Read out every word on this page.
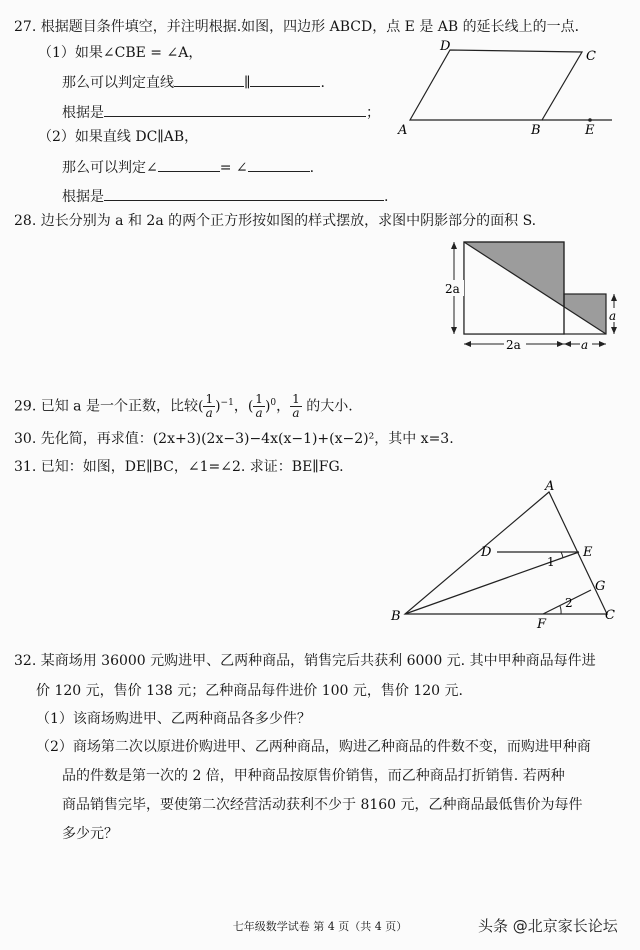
27. 根据题目条件填空，并注明根据.如图，四边形 ABCD，点 E 是 AB 的延长线上的一点．
（1）如果∠CBE = ∠A，
那么可以判定直线	∥	.
根据是	；
（2）如果直线 DC∥AB，
那么可以判定∠	= ∠	.
根据是	.
A
D
C
B	E
28. 边长分别为 a 和 2a 的两个正方形按如图的样式摆放，求图中阴影部分的面积 S.
2a
2a	a
a
29. 已知 a 是一个正数，比较( $\frac{1}{a} )^{-1}$，( $\frac{1}{a} )^0$， $\frac{1}{a}$ 的大小.
30. 先化简，再求值：(2x+3)(2x−3)−4x(x−1)+(x−2)²，其中 x=3.
31. 已知：如图，DE∥BC，∠1=∠2. 求证：BE∥FG.
A
B	C
D	E
F
G
1
2
32. 某商场用 36000 元购进甲、乙两种商品，销售完后共获利 6000 元. 其中甲种商品每件进
价 120 元，售价 138 元；乙种商品每件进价 100 元，售价 120 元.
（1）该商场购进甲、乙两种商品各多少件？
（2）商场第二次以原进价购进甲、乙两种商品，购进乙种商品的件数不变，而购进甲种商
品的件数是第一次的 2 倍，甲种商品按原售价销售，而乙种商品打折销售. 若两种
商品销售完毕，要使第二次经营活动获利不少于 8160 元，乙种商品最低售价为每件
多少元？
七年级数学试卷 第 4 页（共 4 页）	头条 @北京家长论坛
